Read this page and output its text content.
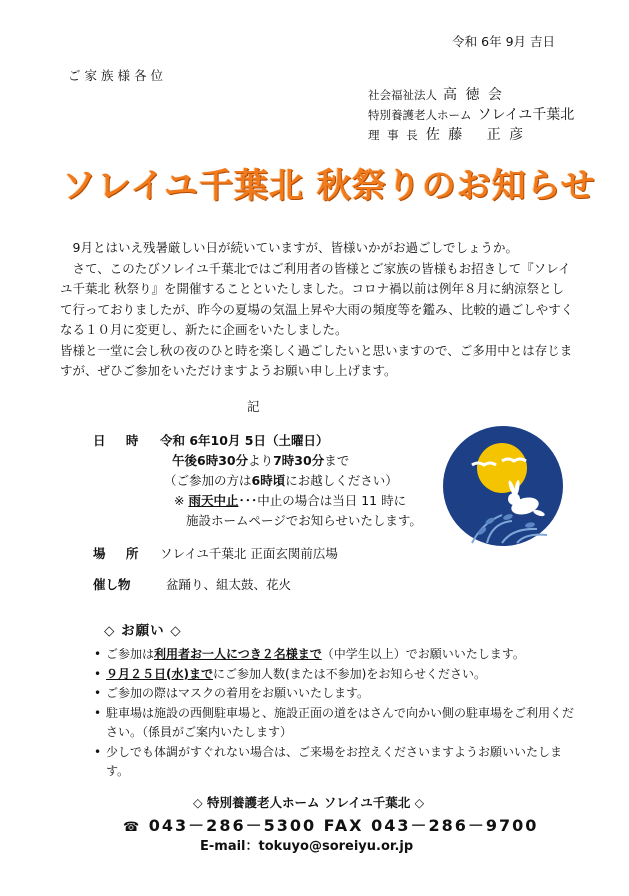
令和 6年 9月 吉日
ご家族様各位
社会福祉法人 高 徳 会
特別養護老人ホーム ソレイユ千葉北
理 事 長 佐 藤 　正 彦
ソレイユ千葉北 秋祭りのお知らせ

　9月とはいえ残暑厳しい日が続いていますが、皆様いかがお過ごしでしょうか。

　さて、このたびソレイユ千葉北ではご利用者の皆様とご家族の皆様もお招きして『ソレイユ千葉北 秋祭り』を開催することといたしました。コロナ禍以前は例年８月に納涼祭として行っておりましたが、昨今の夏場の気温上昇や大雨の頻度等を鑑み、比較的過ごしやすくなる１０月に変更し、新たに企画をいたしました。

皆様と一堂に会し秋の夜のひと時を楽しく過ごしたいと思いますので、ご多用中とは存じますが、ぜひご参加をいただけますようお願い申し上げます。

記
日 時 令和 6年10月 5日（土曜日）
午後6時30分より7時30分まで
（ご参加の方は6時頃にお越しください）
※ 雨天中止･･･中止の場合は当日 11 時に
施設ホームページでお知らせいたします。
場 所 ソレイユ千葉北 正面玄関前広場
催し物	盆踊り、組太鼓、花火
◇ お願い ◇
• ご参加は利用者お一人につき２名様まで（中学生以上）でお願いいたします。
• ９月２５日(水)までにご参加人数(または不参加)をお知らせください。
• ご参加の際はマスクの着用をお願いいたします。
• 駐車場は施設の西側駐車場と、施設正面の道をはさんで向かい側の駐車場をご利用ください。（係員がご案内いたします）
• 少しでも体調がすぐれない場合は、ご来場をお控えくださいますようお願いいたします。
◇ 特別養護老人ホーム ソレイユ千葉北 ◇
☎ 043－286－5300 FAX 043－286－9700
E-mail：tokuyo@soreiyu.or.jp
